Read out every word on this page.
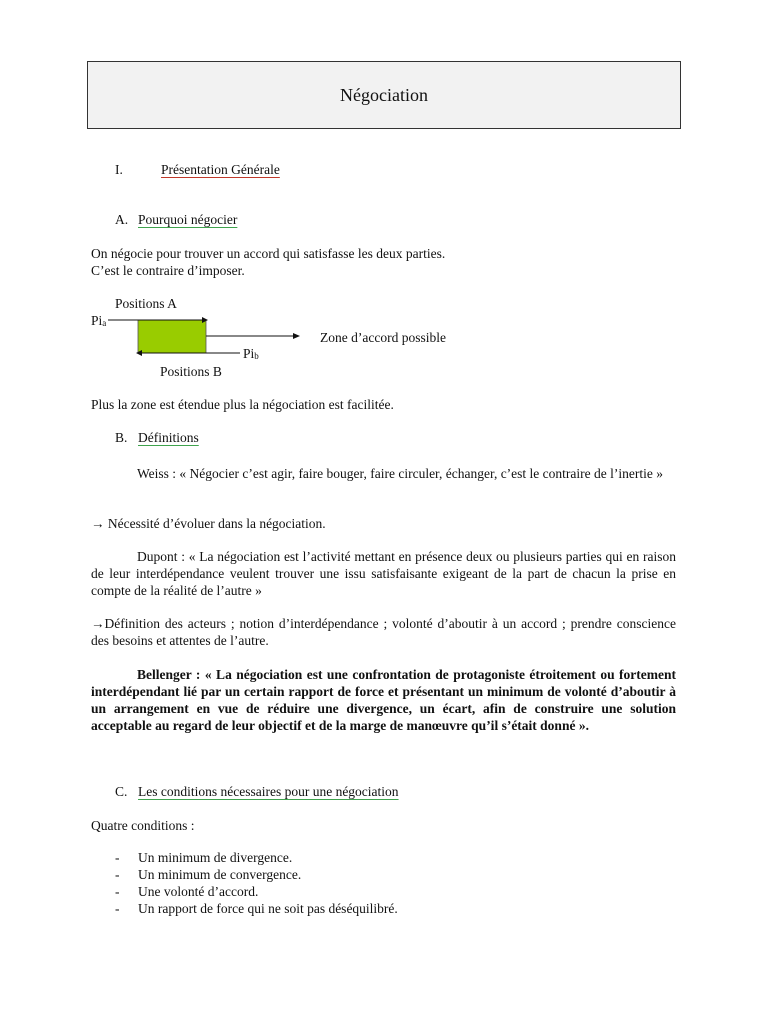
Négociation
I.	Présentation Générale
A. Pourquoi négocier
On négocie pour trouver un accord qui satisfasse les deux parties.
C’est le contraire d’imposer.
Positions A
$Pi_a$
Zone d’accord possible
$Pi_b$
Positions B
Plus la zone est étendue plus la négociation est facilitée.
B. Définitions
Weiss : « Négocier c’est agir, faire bouger, faire circuler, échanger, c’est le contraire de l’inertie »
→ Nécessité d’évoluer dans la négociation.
Dupont : « La négociation est l’activité mettant en présence deux ou plusieurs parties qui en raison de leur interdépendance veulent trouver une issu satisfaisante exigeant de la part de chacun la prise en compte de la réalité de l’autre »
→Définition des acteurs ; notion d’interdépendance ; volonté d’aboutir à un accord ; prendre conscience des besoins et attentes de l’autre.
Bellenger : « La négociation est une confrontation de protagoniste étroitement ou fortement interdépendant lié par un certain rapport de force et présentant un minimum de volonté d’aboutir à un arrangement en vue de réduire une divergence, un écart, afin de construire une solution acceptable au regard de leur objectif et de la marge de manœuvre qu’il s’était donné ».
C. Les conditions nécessaires pour une négociation
Quatre conditions :
- Un minimum de divergence.
- Un minimum de convergence.
- Une volonté d’accord.
- Un rapport de force qui ne soit pas déséquilibré.
